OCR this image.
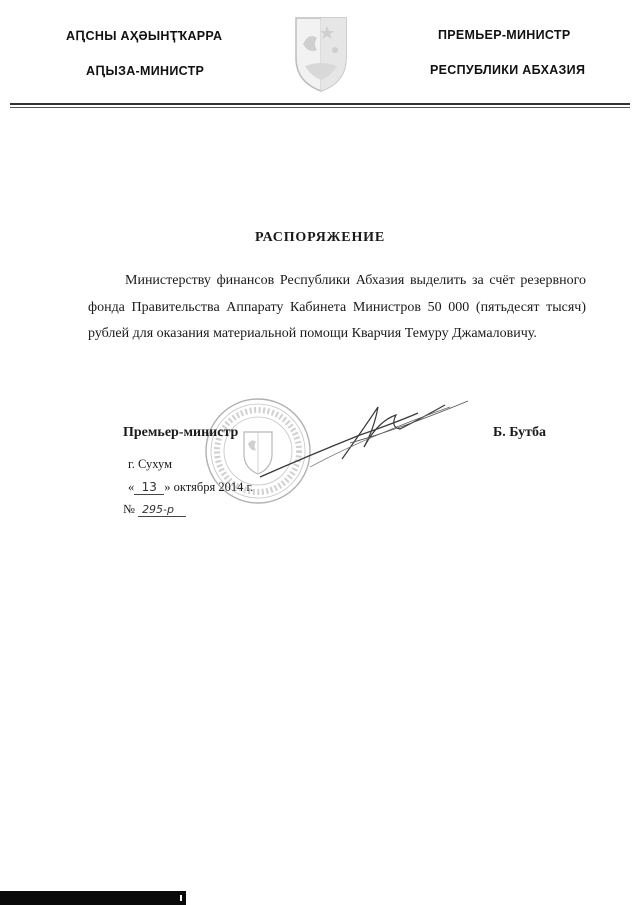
АԤСНЫ АҲӘЫНҬҠАРРА
АԤЫЗА-МИНИСТР
ПРЕМЬЕР-МИНИСТР
РЕСПУБЛИКИ АБХАЗИЯ
РАСПОРЯЖЕНИЕ
Министерству финансов Республики Абхазия выделить за счёт резервного фонда Правительства Аппарату Кабинета Министров 50 000 (пятьдесят тысяч) рублей для оказания материальной помощи Кварчия Темуру Джамаловичу.
Премьер-министр	Б. Бутба
г. Сухум
« 13 » октября 2014 г.
№ 295-р
